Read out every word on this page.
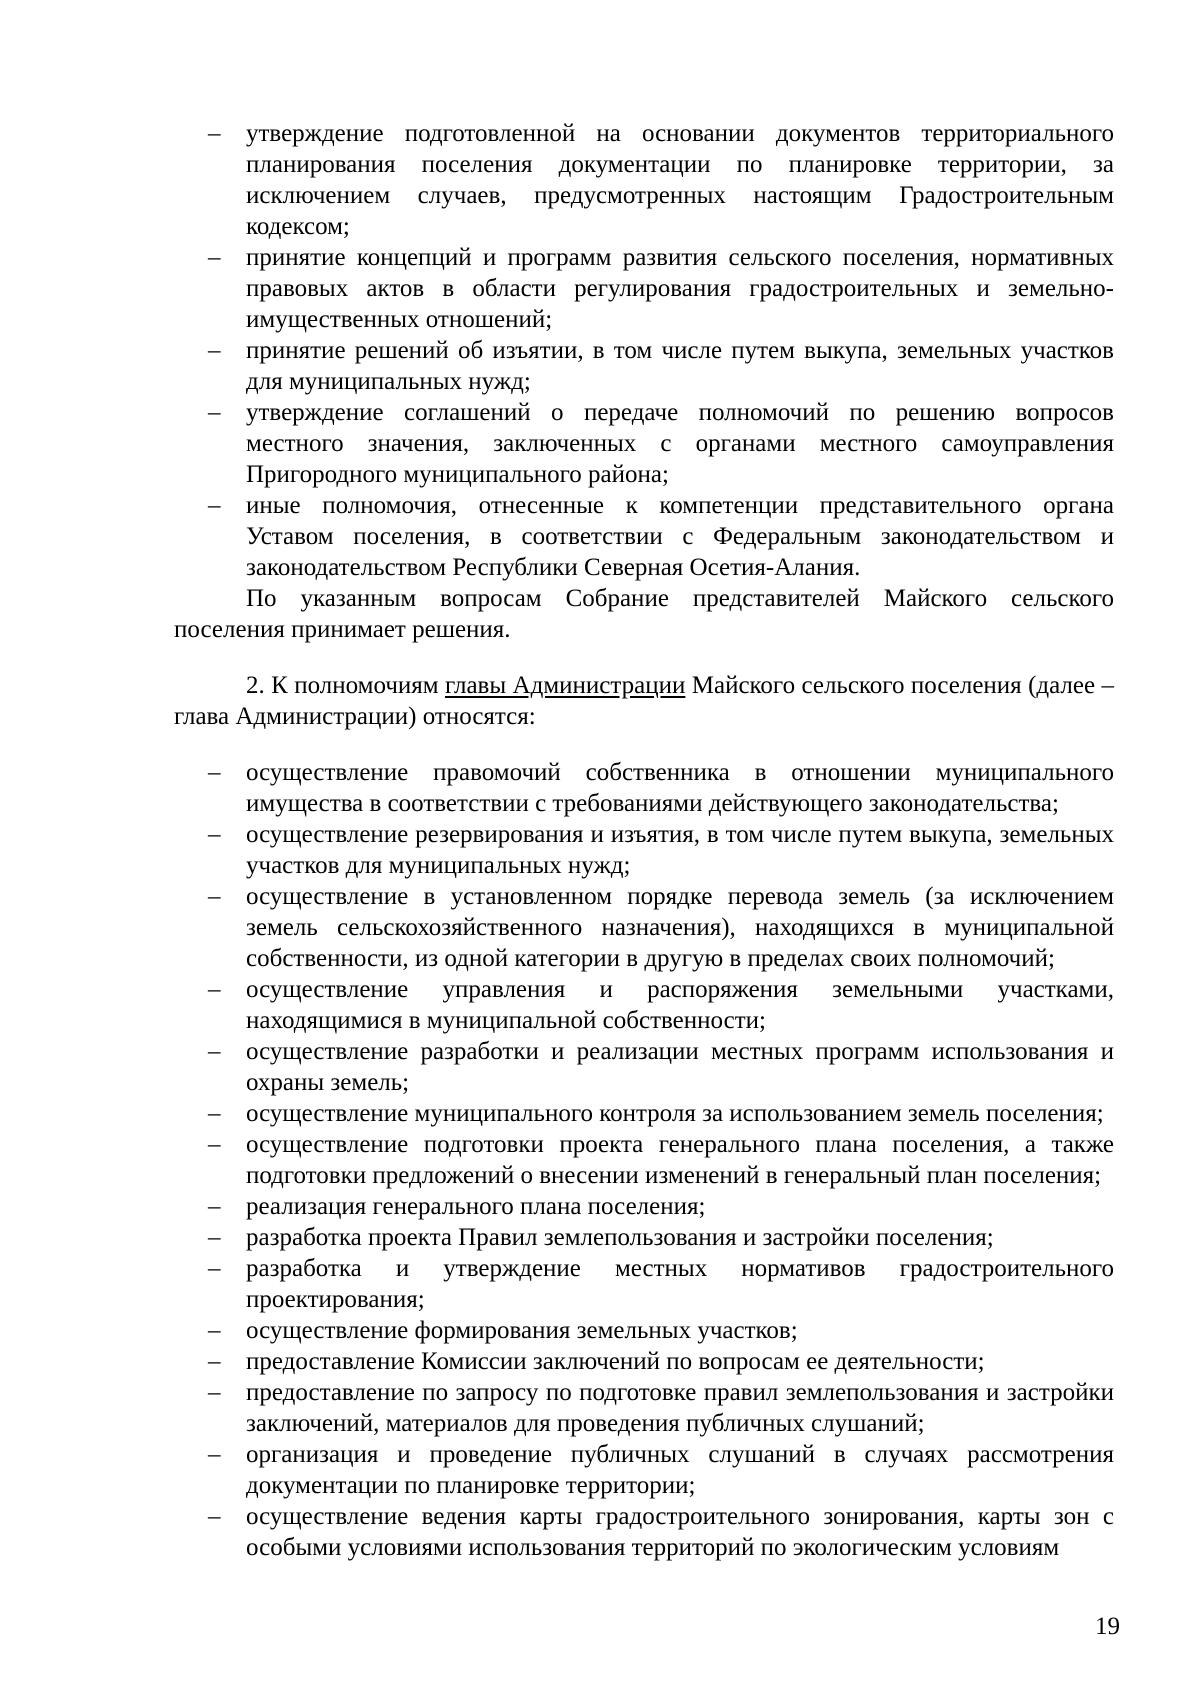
– утверждение подготовленной на основании документов территориального планирования поселения документации по планировке территории, за исключением случаев, предусмотренных настоящим Градостроительным кодексом;
– принятие концепций и программ развития сельского поселения, нормативных правовых актов в области регулирования градостроительных и земельно-имущественных отношений;
– принятие решений об изъятии, в том числе путем выкупа, земельных участков для муниципальных нужд;
– утверждение соглашений о передаче полномочий по решению вопросов местного значения, заключенных с органами местного самоуправления Пригородного муниципального района;
– иные полномочия, отнесенные к компетенции представительного органа Уставом поселения, в соответствии с Федеральным законодательством и законодательством Республики Северная Осетия-Алания.

По указанным вопросам Собрание представителей Майского сельского поселения принимает решения.

2. К полномочиям главы Администрации Майского сельского поселения (далее – глава Администрации) относятся:

– осуществление правомочий собственника в отношении муниципального имущества в соответствии с требованиями действующего законодательства;
– осуществление резервирования и изъятия, в том числе путем выкупа, земельных участков для муниципальных нужд;
– осуществление в установленном порядке перевода земель (за исключением земель сельскохозяйственного назначения), находящихся в муниципальной собственности, из одной категории в другую в пределах своих полномочий;
– осуществление управления и распоряжения земельными участками, находящимися в муниципальной собственности;
– осуществление разработки и реализации местных программ использования и охраны земель;
– осуществление муниципального контроля за использованием земель поселения;
– осуществление подготовки проекта генерального плана поселения, а также подготовки предложений о внесении изменений в генеральный план поселения;
– реализация генерального плана поселения;
– разработка проекта Правил землепользования и застройки поселения;
– разработка и утверждение местных нормативов градостроительного проектирования;
– осуществление формирования земельных участков;
– предоставление Комиссии заключений по вопросам ее деятельности;
– предоставление по запросу по подготовке правил землепользования и застройки заключений, материалов для проведения публичных слушаний;
– организация и проведение публичных слушаний в случаях рассмотрения документации по планировке территории;
– осуществление ведения карты градостроительного зонирования, карты зон с особыми условиями использования территорий по экологическим условиям
19
